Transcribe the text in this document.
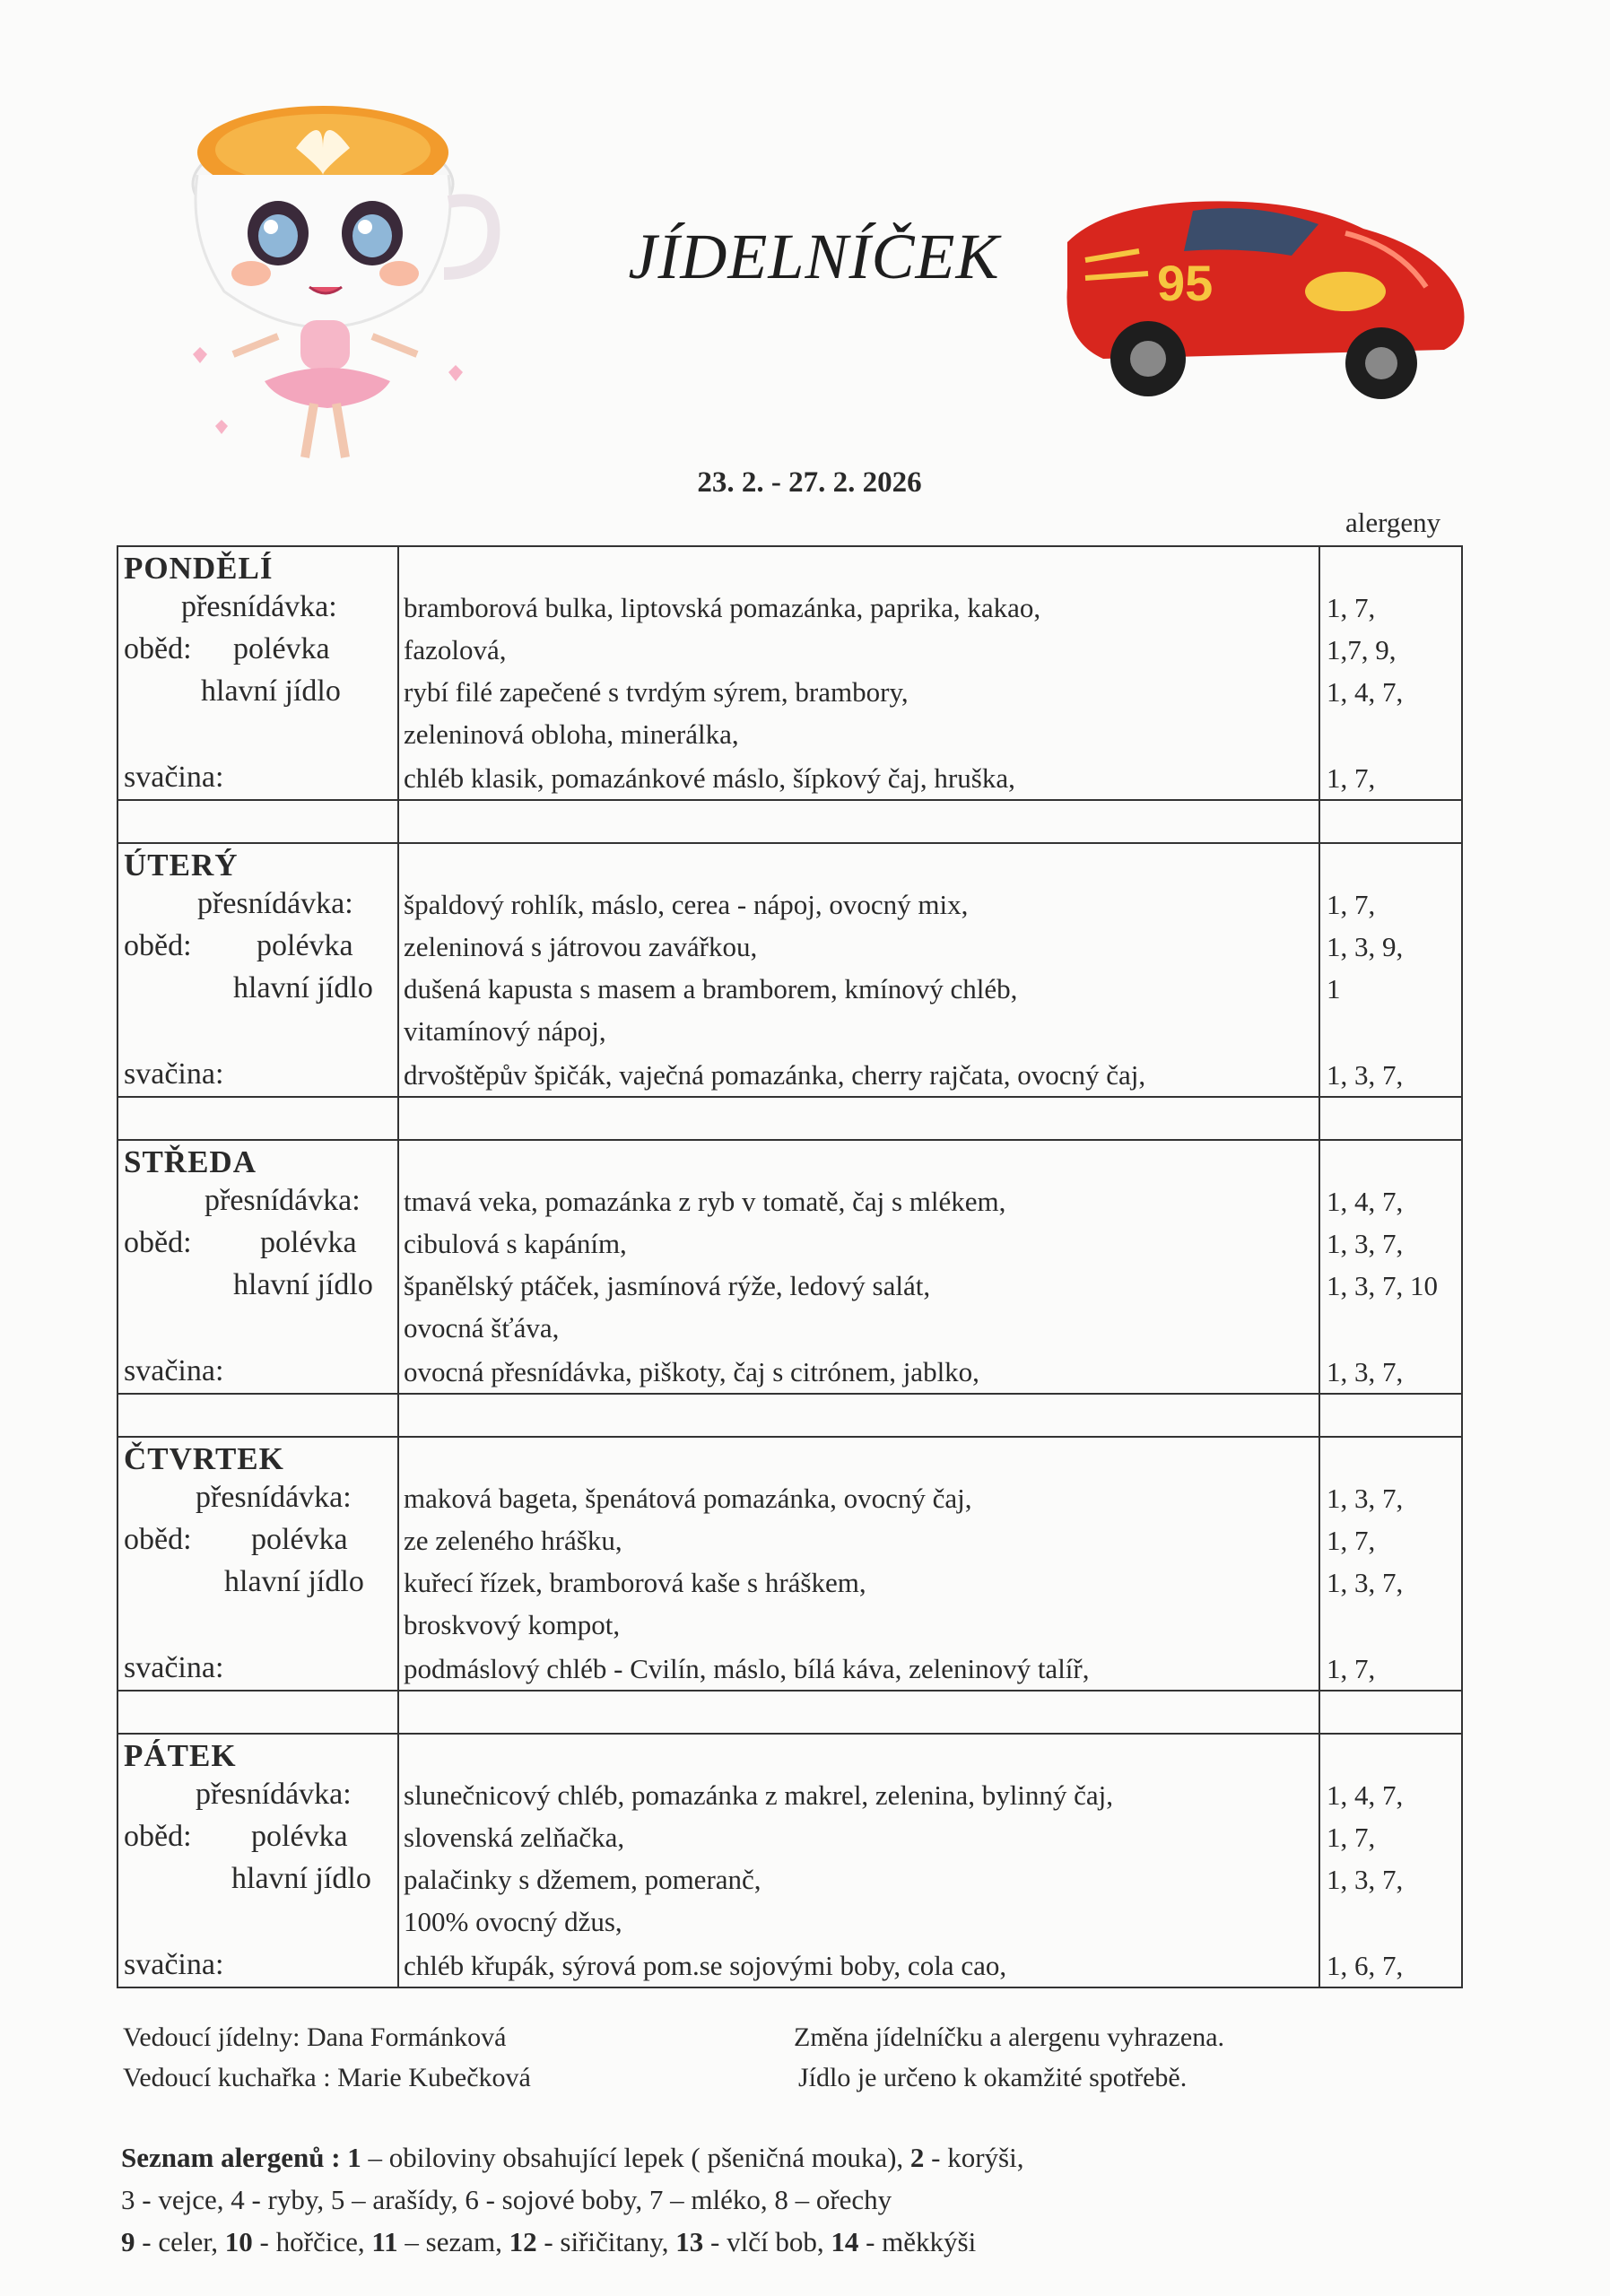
95
JÍDELNÍČEK
23. 2. - 27. 2. 2026
alergeny
PONDĚLÍ
přesnídávka:
oběd: polévka
hlavní jídlo
svačina:
bramborová bulka, liptovská pomazánka, paprika, kakao,
fazolová,
rybí filé zapečené s tvrdým sýrem, brambory,
zeleninová obloha, minerálka,
chléb klasik, pomazánkové máslo, šípkový čaj, hruška,
1, 7,
1,7, 9,
1, 4, 7,
1, 7,
ÚTERÝ
přesnídávka:
oběd: polévka
hlavní jídlo
svačina:
špaldový rohlík, máslo, cerea - nápoj, ovocný mix,
zeleninová s játrovou zavářkou,
dušená kapusta s masem a bramborem, kmínový chléb,
vitamínový nápoj,
drvoštěpův špičák, vaječná pomazánka, cherry rajčata, ovocný čaj,
1, 7,
1, 3, 9,
1
1, 3, 7,
STŘEDA
přesnídávka:
oběd: polévka
hlavní jídlo
svačina:
tmavá veka, pomazánka z ryb v tomatě, čaj s mlékem,
cibulová s kapáním,
španělský ptáček, jasmínová rýže, ledový salát,
ovocná šťáva,
ovocná přesnídávka, piškoty, čaj s citrónem, jablko,
1, 4, 7,
1, 3, 7,
1, 3, 7, 10
1, 3, 7,
ČTVRTEK
přesnídávka:
oběd: polévka
hlavní jídlo
svačina:
maková bageta, špenátová pomazánka, ovocný čaj,
ze zeleného hrášku,
kuřecí řízek, bramborová kaše s hráškem,
broskvový kompot,
podmáslový chléb - Cvilín, máslo, bílá káva, zeleninový talíř,
1, 3, 7,
1, 7,
1, 3, 7,
1, 7,
PÁTEK
přesnídávka:
oběd: polévka
hlavní jídlo
svačina:
slunečnicový chléb, pomazánka z makrel, zelenina, bylinný čaj,
slovenská zelňačka,
palačinky s džemem, pomeranč,
100% ovocný džus,
chléb křupák, sýrová pom.se sojovými boby, cola cao,
1, 4, 7,
1, 7,
1, 3, 7,
1, 6, 7,
Vedoucí jídelny: Dana Formánková
Vedoucí kuchařka : Marie Kubečková
Změna jídelníčku a alergenu vyhrazena.
Jídlo je určeno k okamžité spotřebě.
Seznam alergenů : 1 – obiloviny obsahující lepek ( pšeničná mouka), 2 - korýši,
3 - vejce, 4 - ryby, 5 – arašídy, 6 - sojové boby, 7 – mléko, 8 – ořechy
9 - celer, 10 - hořčice, 11 – sezam, 12 - siřičitany, 13 - vlčí bob, 14 - měkkýši
